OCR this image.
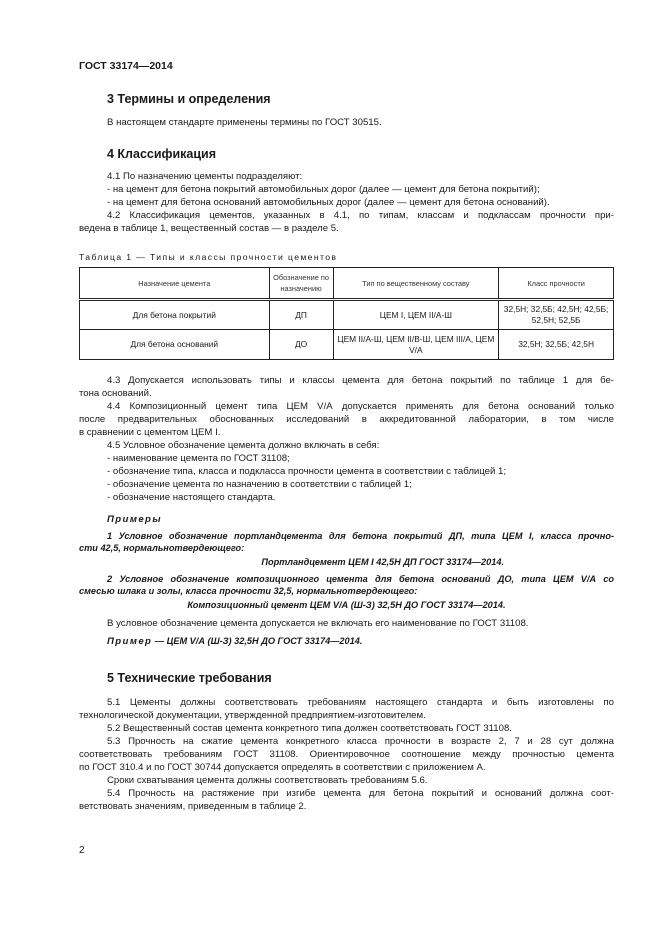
ГОСТ 33174—2014
3 Термины и определения
В настоящем стандарте применены термины по ГОСТ 30515.
4 Классификация
4.1 По назначению цементы подразделяют:
- на цемент для бетона покрытий автомобильных дорог (далее — цемент для бетона покрытий);
- на цемент для бетона оснований автомобильных дорог (далее — цемент для бетона оснований).
4.2 Классификация цементов, указанных в 4.1, по типам, классам и подклассам прочности при-
ведена в таблице 1, вещественный состав — в разделе 5.
Таблица 1 — Типы и классы прочности цементов
Назначение цемента	Обозначение по назначению	Тип по вещественному составу	Класс прочности
Для бетона покрытий	ДП	ЦЕМ I, ЦЕМ II/А-Ш	32,5Н; 32,5Б; 42,5Н; 42,5Б; 52,5Н; 52,5Б
Для бетона оснований	ДО	ЦЕМ II/А-Ш, ЦЕМ II/В-Ш, ЦЕМ III/А, ЦЕМ V/А	32,5Н; 32,5Б; 42,5Н
4.3 Допускается использовать типы и классы цемента для бетона покрытий по таблице 1 для бе-
тона оснований.
4.4 Композиционный цемент типа ЦЕМ V/А допускается применять для бетона оснований только
после предварительных обоснованных исследований в аккредитованной лаборатории, в том числе
в сравнении с цементом ЦЕМ I.
4.5 Условное обозначение цемента должно включать в себя:
- наименование цемента по ГОСТ 31108;
- обозначение типа, класса и подкласса прочности цемента в соответствии с таблицей 1;
- обозначение цемента по назначению в соответствии с таблицей 1;
- обозначение настоящего стандарта.
Примеры
1 Условное обозначение портландцемента для бетона покрытий ДП, типа ЦЕМ I, класса прочно-
сти 42,5, нормальнотвердеющего:
Портландцемент ЦЕМ I 42,5Н ДП ГОСТ 33174—2014.
2 Условное обозначение композиционного цемента для бетона оснований ДО, типа ЦЕМ V/А со
смесью шлака и золы, класса прочности 32,5, нормальнотвердеющего:
Композиционный цемент ЦЕМ V/А (Ш-З) 32,5Н ДО ГОСТ 33174—2014.
В условное обозначение цемента допускается не включать его наименование по ГОСТ 31108.
Пример — ЦЕМ V/А (Ш-З) 32,5Н ДО ГОСТ 33174—2014.
5 Технические требования
5.1 Цементы должны соответствовать требованиям настоящего стандарта и быть изготовлены по
технологической документации, утвержденной предприятием-изготовителем.
5.2 Вещественный состав цемента конкретного типа должен соответствовать ГОСТ 31108.
5.3 Прочность на сжатие цемента конкретного класса прочности в возрасте 2, 7 и 28 сут должна
соответствовать требованиям ГОСТ 31108. Ориентировочное соотношение между прочностью цемента
по ГОСТ 310.4 и по ГОСТ 30744 допускается определять в соответствии с приложением А.
Сроки схватывания цемента должны соответствовать требованиям 5.6.
5.4 Прочность на растяжение при изгибе цемента для бетона покрытий и оснований должна соот-
ветствовать значениям, приведенным в таблице 2.
2
